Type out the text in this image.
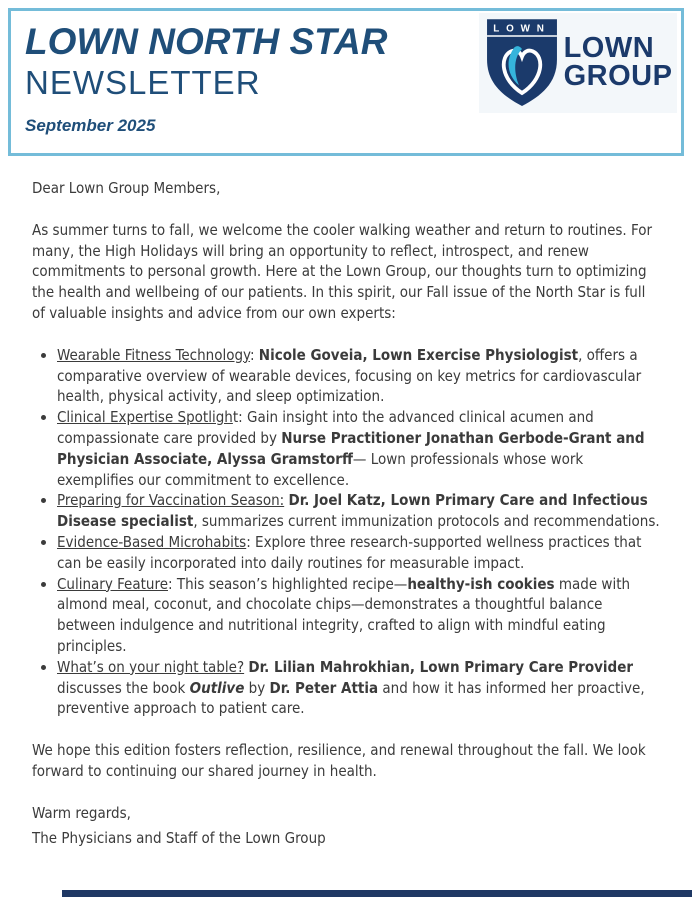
LOWN NORTH STAR
NEWSLETTER
September 2025
LOWN
LOWN
GROUP

Dear Lown Group Members,

As summer turns to fall, we welcome the cooler walking weather and return to routines. For many, the High Holidays will bring an opportunity to reflect, introspect, and renew commitments to personal growth. Here at the Lown Group, our thoughts turn to optimizing the health and wellbeing of our patients. In this spirit, our Fall issue of the North Star is full of valuable insights and advice from our own experts:

• Wearable Fitness Technology: Nicole Goveia, Lown Exercise Physiologist, offers a comparative overview of wearable devices, focusing on key metrics for cardiovascular health, physical activity, and sleep optimization.
• Clinical Expertise Spotlight: Gain insight into the advanced clinical acumen and compassionate care provided by Nurse Practitioner Jonathan Gerbode-Grant and Physician Associate, Alyssa Gramstorff— Lown professionals whose work exemplifies our commitment to excellence.
• Preparing for Vaccination Season: Dr. Joel Katz, Lown Primary Care and Infectious Disease specialist, summarizes current immunization protocols and recommendations.
• Evidence-Based Microhabits: Explore three research-supported wellness practices that can be easily incorporated into daily routines for measurable impact.
• Culinary Feature: This season’s highlighted recipe—healthy-ish cookies made with almond meal, coconut, and chocolate chips—demonstrates a thoughtful balance between indulgence and nutritional integrity, crafted to align with mindful eating principles.
• What’s on your night table? Dr. Lilian Mahrokhian, Lown Primary Care Provider discusses the book Outlive by Dr. Peter Attia and how it has informed her proactive, preventive approach to patient care.

We hope this edition fosters reflection, resilience, and renewal throughout the fall. We look forward to continuing our shared journey in health.

Warm regards,

The Physicians and Staff of the Lown Group
